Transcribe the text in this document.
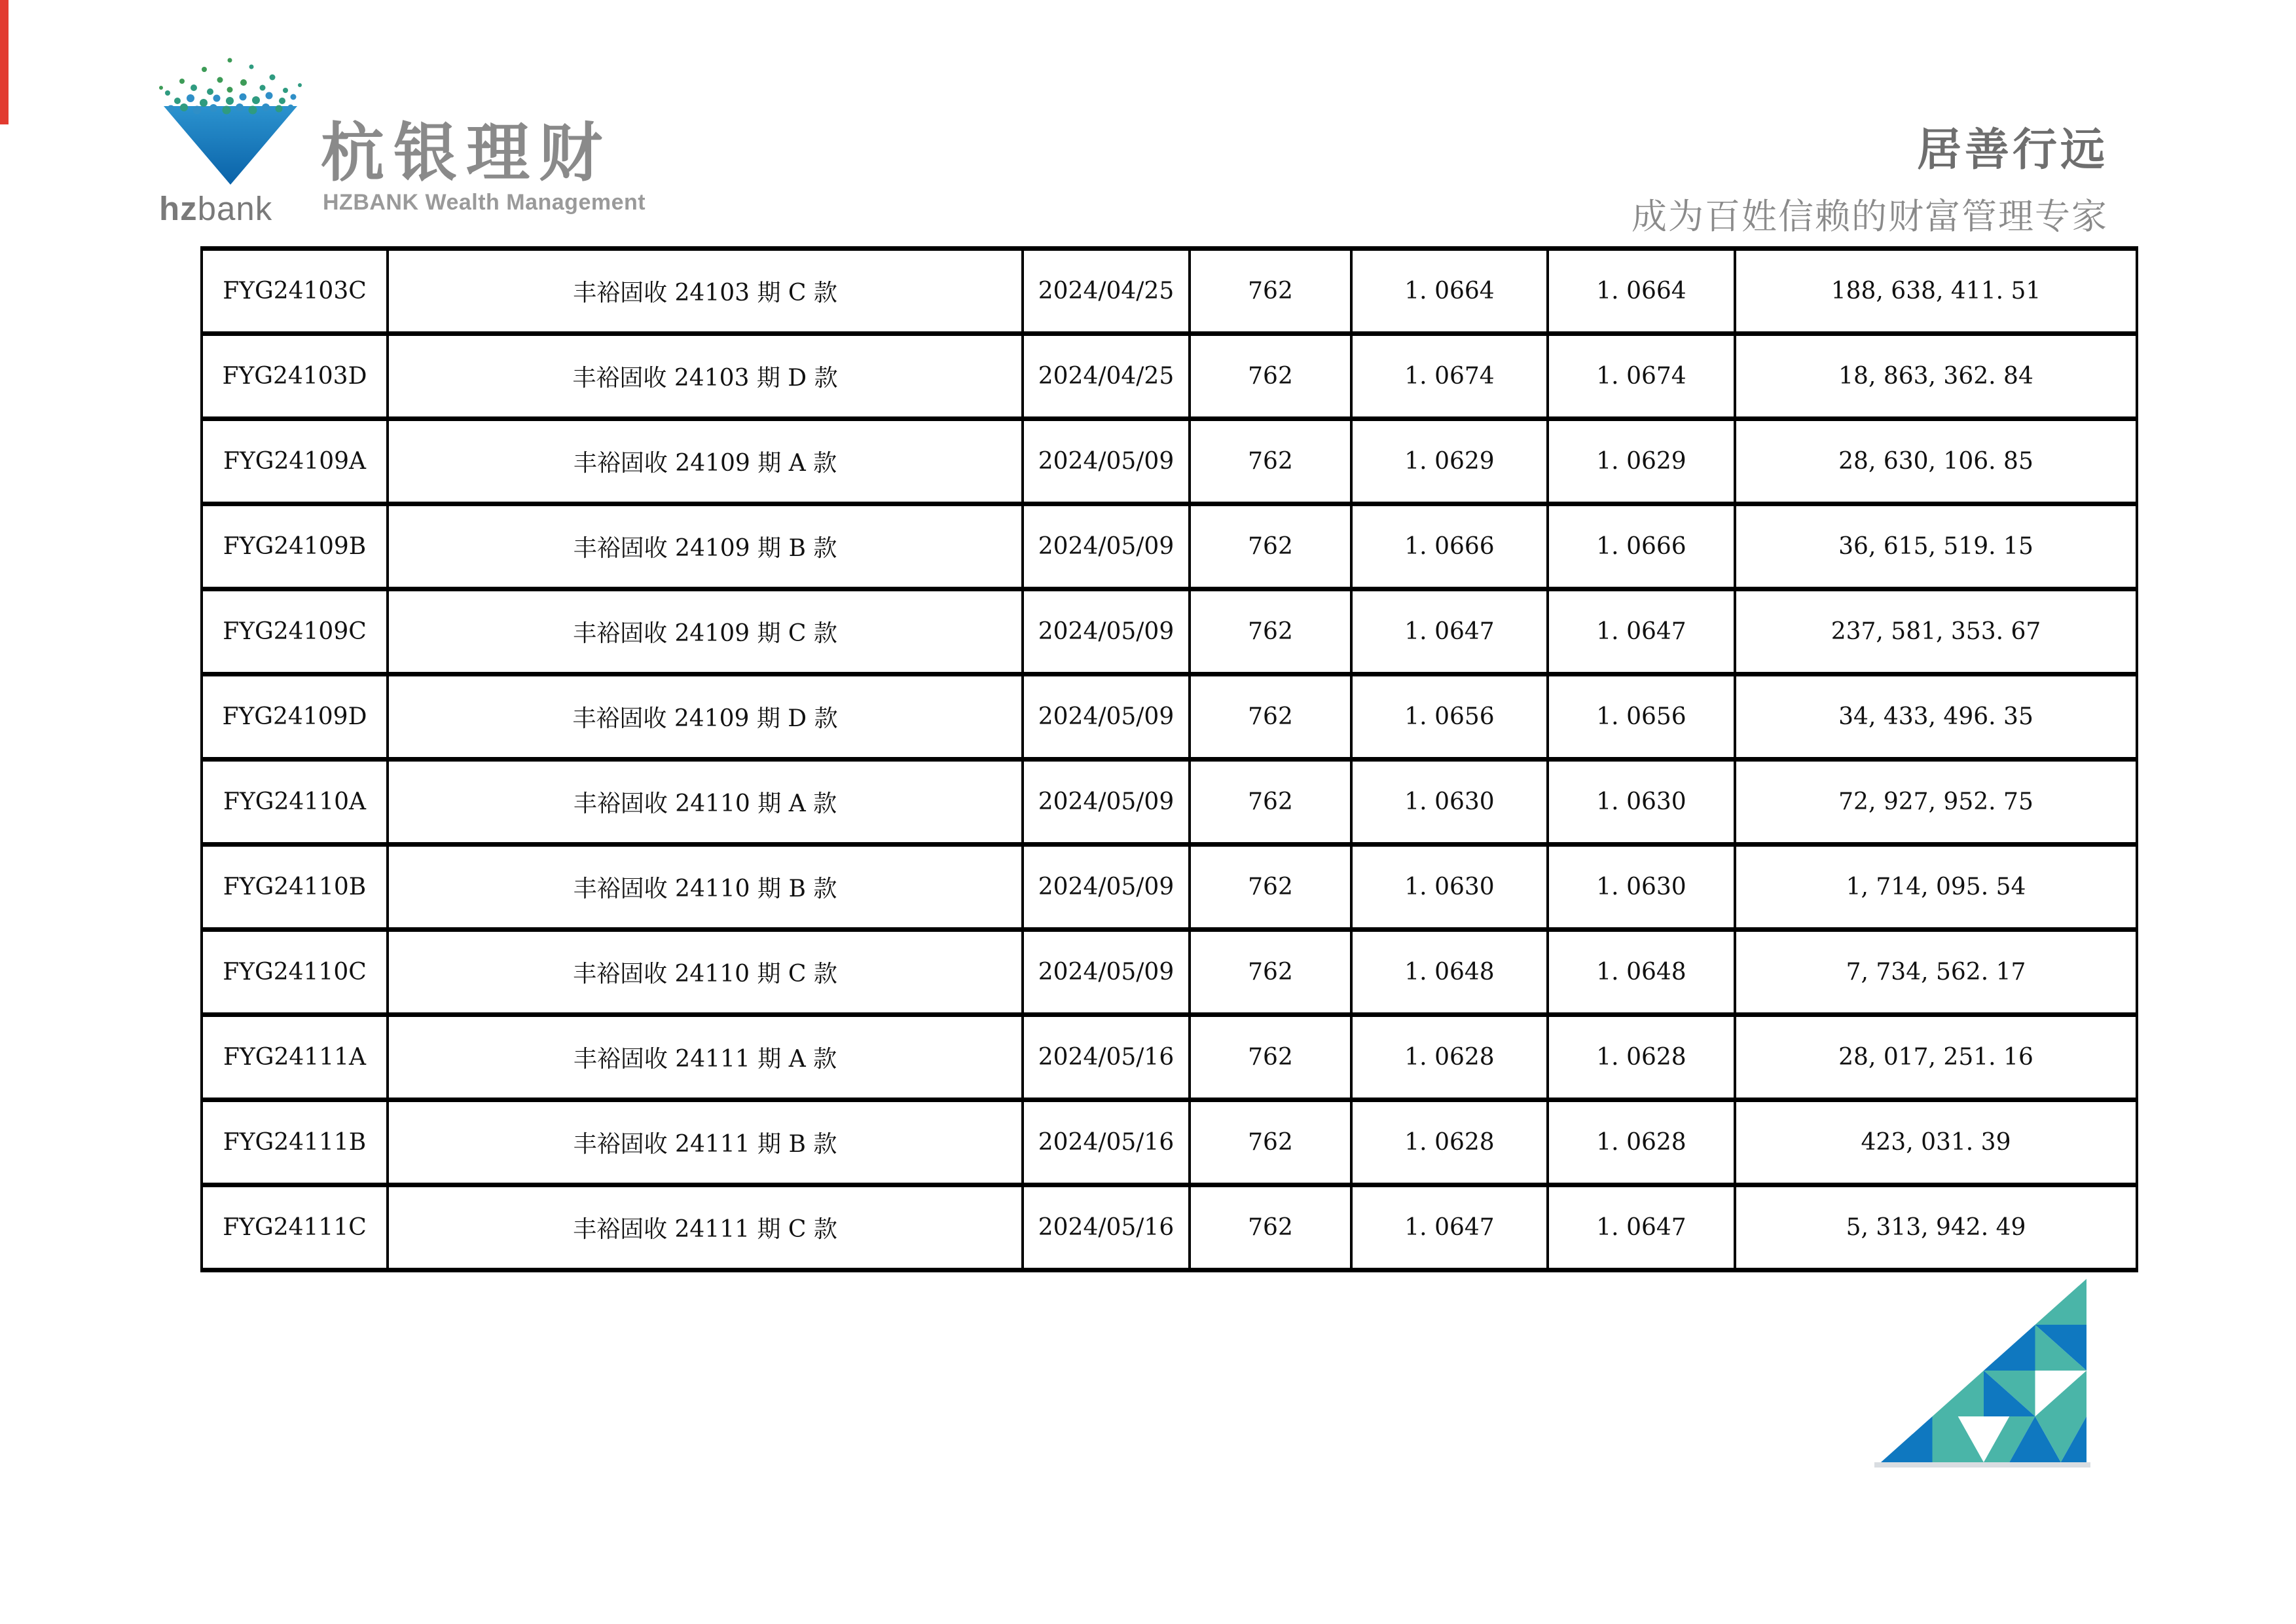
hzbank
杭银理财
HZBANK Wealth Management
居善行远
成为百姓信赖的财富管理专家
FYG24103C	丰裕固收 24103 期 C 款	2024/04/25	762	1. 0664	1. 0664	188, 638, 411. 51
FYG24103D	丰裕固收 24103 期 D 款	2024/04/25	762	1. 0674	1. 0674	18, 863, 362. 84
FYG24109A	丰裕固收 24109 期 A 款	2024/05/09	762	1. 0629	1. 0629	28, 630, 106. 85
FYG24109B	丰裕固收 24109 期 B 款	2024/05/09	762	1. 0666	1. 0666	36, 615, 519. 15
FYG24109C	丰裕固收 24109 期 C 款	2024/05/09	762	1. 0647	1. 0647	237, 581, 353. 67
FYG24109D	丰裕固收 24109 期 D 款	2024/05/09	762	1. 0656	1. 0656	34, 433, 496. 35
FYG24110A	丰裕固收 24110 期 A 款	2024/05/09	762	1. 0630	1. 0630	72, 927, 952. 75
FYG24110B	丰裕固收 24110 期 B 款	2024/05/09	762	1. 0630	1. 0630	1, 714, 095. 54
FYG24110C	丰裕固收 24110 期 C 款	2024/05/09	762	1. 0648	1. 0648	7, 734, 562. 17
FYG24111A	丰裕固收 24111 期 A 款	2024/05/16	762	1. 0628	1. 0628	28, 017, 251. 16
FYG24111B	丰裕固收 24111 期 B 款	2024/05/16	762	1. 0628	1. 0628	423, 031. 39
FYG24111C	丰裕固收 24111 期 C 款	2024/05/16	762	1. 0647	1. 0647	5, 313, 942. 49
